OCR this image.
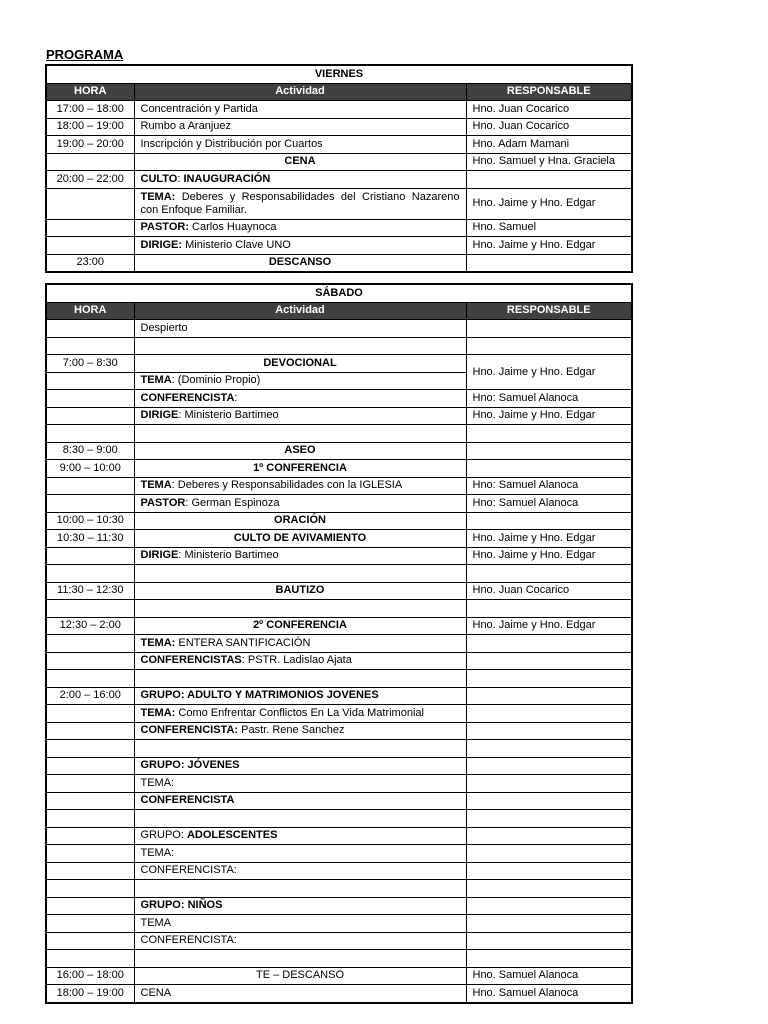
PROGRAMA
VIERNES		
HORA	Actividad	RESPONSABLE
17:00 – 18:00	Concentración y Partida	Hno. Juan Cocarico
18:00 – 19:00	Rumbo a Aranjuez	Hno. Juan Cocarico
19:00 – 20:00	Inscripción y Distribución por Cuartos	Hno. Adam Mamani
	CENA	Hno. Samuel y Hna. Graciela
20:00 – 22:00	CULTO: INAUGURACIÓN	
	TEMA: Deberes y Responsabilidades del Cristiano Nazareno con Enfoque Familiar.	Hno. Jaime y Hno. Edgar
	PASTOR: Carlos Huaynoca	Hno. Samuel
	DIRIGE: Ministerio Clave UNO	Hno. Jaime y Hno. Edgar
23:00	DESCANSO	
SÁBADO		
HORA	Actividad	RESPONSABLE
	Despierto	

7:00 – 8:30	DEVOCIONAL	Hno. Jaime y Hno. Edgar
	TEMA: (Dominio Propio)	
	CONFERENCISTA:	Hno: Samuel Alanoca
	DIRIGE: Ministerio Bartimeo	Hno. Jaime y Hno. Edgar

8:30 – 9:00	ASEO	
9:00 – 10:00	1º CONFERENCIA	
	TEMA: Deberes y Responsabilidades con la IGLESIA	Hno: Samuel Alanoca
	PASTOR: German Espinoza	Hno: Samuel Alanoca
10:00 – 10:30	ORACIÓN	
10:30 – 11:30	CULTO DE AVIVAMIENTO	Hno. Jaime y Hno. Edgar
	DIRIGE: Ministerio Bartimeo	Hno. Jaime y Hno. Edgar

11:30 – 12:30	BAUTIZO	Hno. Juan Cocarico

12:30 – 2:00	2º CONFERENCIA	Hno. Jaime y Hno. Edgar
	TEMA: ENTERA SANTIFICACIÓN	
	CONFERENCISTAS: PSTR. Ladislao Ajata	

2:00 – 16:00	GRUPO: ADULTO Y MATRIMONIOS JOVENES	
	TEMA: Como Enfrentar Conflictos En La Vida Matrimonial	
	CONFERENCISTA: Pastr. Rene Sanchez	

	GRUPO: JÓVENES	
	TEMA:	
	CONFERENCISTA	

	GRUPO: ADOLESCENTES	
	TEMA:	
	CONFERENCISTA:	

	GRUPO: NIÑOS	
	TEMA	
	CONFERENCISTA:	

16:00 – 18:00	TE – DESCANSO	Hno. Samuel Alanoca
18:00 – 19:00	CENA	Hno. Samuel Alanoca
